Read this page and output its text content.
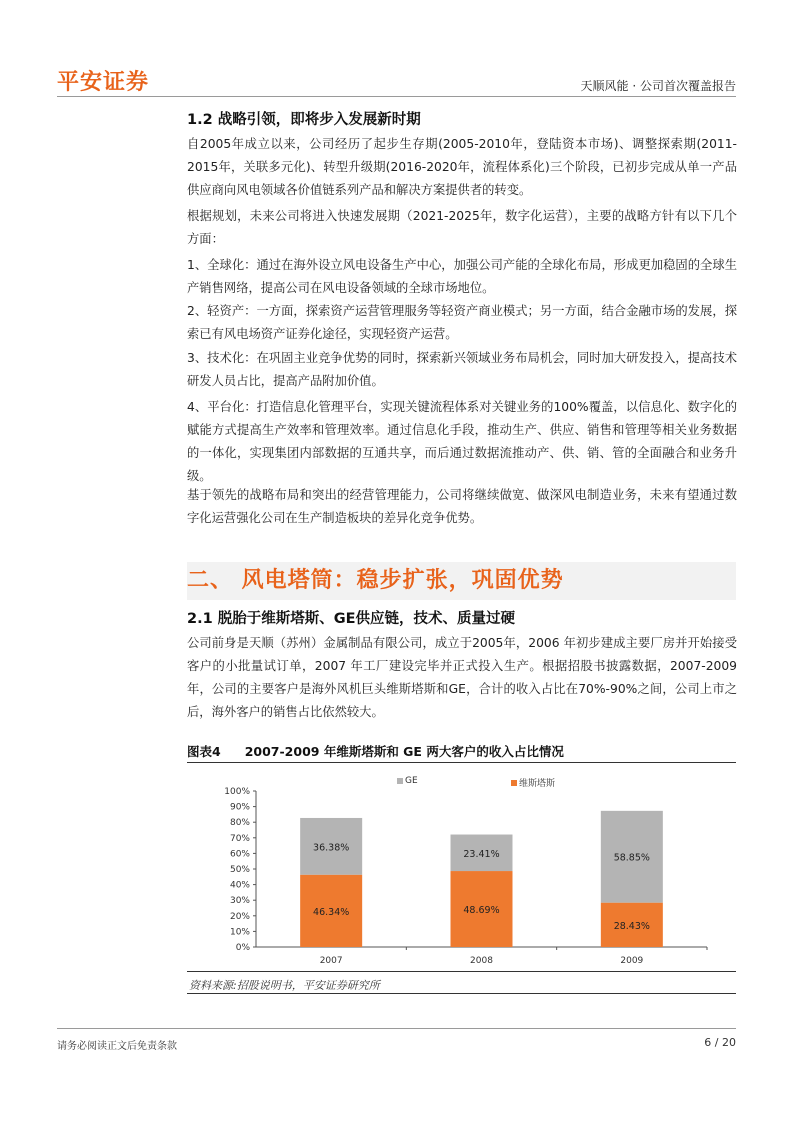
平安证券	天顺风能 · 公司首次覆盖报告
1.2 战略引领，即将步入发展新时期

自2005年成立以来，公司经历了起步生存期(2005-2010年，登陆资本市场)、调整探索期(2011-2015年，关联多元化)、转型升级期(2016-2020年，流程体系化)三个阶段，已初步完成从单一产品供应商向风电领域各价值链系列产品和解决方案提供者的转变。

根据规划，未来公司将进入快速发展期（2021-2025年，数字化运营），主要的战略方针有以下几个方面：

1、全球化：通过在海外设立风电设备生产中心，加强公司产能的全球化布局，形成更加稳固的全球生产销售网络，提高公司在风电设备领域的全球市场地位。

2、轻资产：一方面，探索资产运营管理服务等轻资产商业模式；另一方面，结合金融市场的发展，探索已有风电场资产证券化途径，实现轻资产运营。

3、技术化：在巩固主业竞争优势的同时，探索新兴领域业务布局机会，同时加大研发投入，提高技术研发人员占比，提高产品附加价值。

4、平台化：打造信息化管理平台，实现关键流程体系对关键业务的100%覆盖，以信息化、数字化的赋能方式提高生产效率和管理效率。通过信息化手段，推动生产、供应、销售和管理等相关业务数据的一体化，实现集团内部数据的互通共享，而后通过数据流推动产、供、销、管的全面融合和业务升级。

基于领先的战略布局和突出的经营管理能力，公司将继续做宽、做深风电制造业务，未来有望通过数字化运营强化公司在生产制造板块的差异化竞争优势。

二、 风电塔筒：稳步扩张，巩固优势
2.1 脱胎于维斯塔斯、GE供应链，技术、质量过硬

公司前身是天顺（苏州）金属制品有限公司，成立于2005年，2006 年初步建成主要厂房并开始接受客户的小批量试订单，2007 年工厂建设完毕并正式投入生产。根据招股书披露数据，2007-2009年，公司的主要客户是海外风机巨头维斯塔斯和GE，合计的收入占比在70%-90%之间，公司上市之后，海外客户的销售占比依然较大。

图表4 2007-2009 年维斯塔斯和 GE 两大客户的收入占比情况
GE	维斯塔斯
0%
10%
20%
30%
40%
50%
60%
70%
80%
90%
100%
46.34%
36.38%
2007
48.69%
23.41%
2008
28.43%
58.85%
2009
资料来源:招股说明书，平安证券研究所
请务必阅读正文后免责条款	6 / 20
